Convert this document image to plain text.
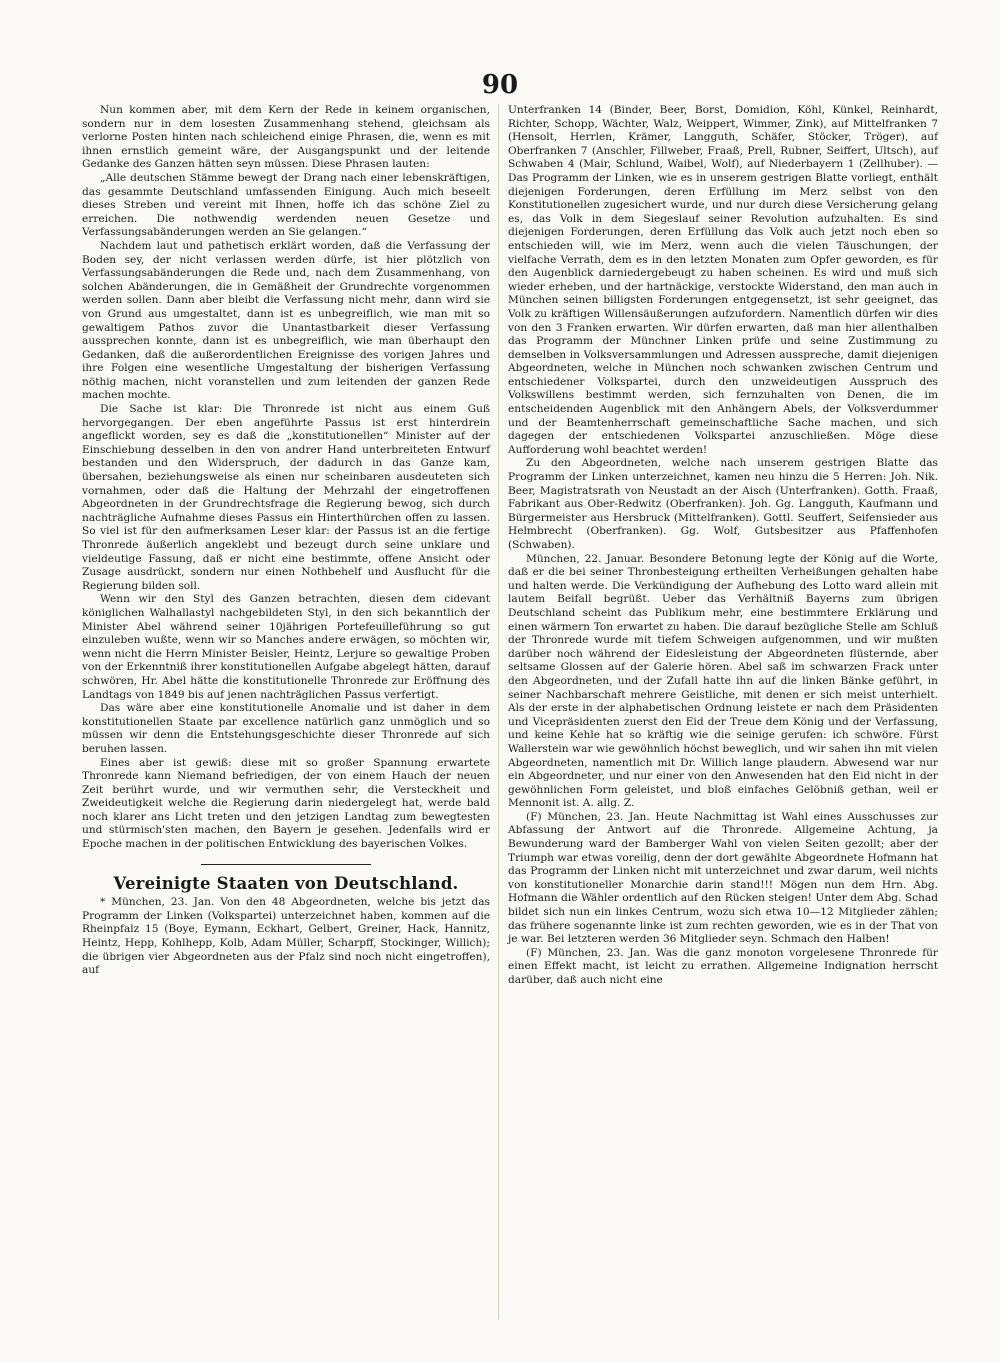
90

Nun kommen aber, mit dem Kern der Rede in keinem organischen, sondern nur in dem losesten Zusammenhang stehend, gleichsam als verlorne Posten hinten nach schleichend einige Phrasen, die, wenn es mit ihnen ernstlich gemeint wäre, der Ausgangspunkt und der leitende Gedanke des Ganzen hätten seyn müssen. Diese Phrasen lauten:

„Alle deutschen Stämme bewegt der Drang nach einer lebenskräftigen, das gesammte Deutschland umfassenden Einigung. Auch mich beseelt dieses Streben und vereint mit Ihnen, hoffe ich das schöne Ziel zu erreichen. Die nothwendig werdenden neuen Gesetze und Verfassungsabänderungen werden an Sie gelangen.“

Nachdem laut und pathetisch erklärt worden, daß die Verfassung der Boden sey, der nicht verlassen werden dürfe, ist hier plötzlich von Verfassungsabänderungen die Rede und, nach dem Zusammenhang, von solchen Abänderungen, die in Gemäßheit der Grundrechte vorgenommen werden sollen. Dann aber bleibt die Verfassung nicht mehr, dann wird sie von Grund aus umgestaltet, dann ist es unbegreiflich, wie man mit so gewaltigem Pathos zuvor die Unantastbarkeit dieser Verfassung aussprechen konnte, dann ist es unbegreiflich, wie man überhaupt den Gedanken, daß die außerordentlichen Ereignisse des vorigen Jahres und ihre Folgen eine wesentliche Umgestaltung der bisherigen Verfassung nöthig machen, nicht voranstellen und zum leitenden der ganzen Rede machen mochte.

Die Sache ist klar: Die Thronrede ist nicht aus einem Guß hervorgegangen. Der eben angeführte Passus ist erst hinterdrein angeflickt worden, sey es daß die „konstitutionellen“ Minister auf der Einschiebung desselben in den von andrer Hand unterbreiteten Entwurf bestanden und den Widerspruch, der dadurch in das Ganze kam, übersahen, beziehungsweise als einen nur scheinbaren ausdeuteten sich vornahmen, oder daß die Haltung der Mehrzahl der eingetroffenen Abgeordneten in der Grundrechtsfrage die Regierung bewog, sich durch nachträgliche Aufnahme dieses Passus ein Hinterthürchen offen zu lassen. So viel ist für den aufmerksamen Leser klar: der Passus ist an die fertige Thronrede äußerlich angeklebt und bezeugt durch seine unklare und vieldeutige Fassung, daß er nicht eine bestimmte, offene Ansicht oder Zusage ausdrückt, sondern nur einen Nothbehelf und Ausflucht für die Regierung bilden soll.

Wenn wir den Styl des Ganzen betrachten, diesen dem cidevant königlichen Walhallastyl nachgebildeten Styl, in den sich bekanntlich der Minister Abel während seiner 10jährigen Portefeuilleführung so gut einzuleben wußte, wenn wir so Manches andere erwägen, so möchten wir, wenn nicht die Herrn Minister Beisler, Heintz, Lerjure so gewaltige Proben von der Erkenntniß ihrer konstitutionellen Aufgabe abgelegt hätten, darauf schwören, Hr. Abel hätte die konstitutionelle Thronrede zur Eröffnung des Landtags von 1849 bis auf jenen nachträglichen Passus verfertigt.

Das wäre aber eine konstitutionelle Anomalie und ist daher in dem konstitutionellen Staate par excellence natürlich ganz unmöglich und so müssen wir denn die Entstehungsgeschichte dieser Thronrede auf sich beruhen lassen.

Eines aber ist gewiß: diese mit so großer Spannung erwartete Thronrede kann Niemand befriedigen, der von einem Hauch der neuen Zeit berührt wurde, und wir vermuthen sehr, die Versteckheit und Zweideutigkeit welche die Regierung darin niedergelegt hat, werde bald noch klarer ans Licht treten und den jetzigen Landtag zum bewegtesten und stürmisch'sten machen, den Bayern je gesehen. Jedenfalls wird er Epoche machen in der politischen Entwicklung des bayerischen Volkes.

Vereinigte Staaten von Deutschland.

* München, 23. Jan. Von den 48 Abgeordneten, welche bis jetzt das Programm der Linken (Volkspartei) unterzeichnet haben, kommen auf die Rheinpfalz 15 (Boye, Eymann, Eckhart, Gelbert, Greiner, Hack, Hannitz, Heintz, Hepp, Kohlhepp, Kolb, Adam Müller, Scharpff, Stockinger, Willich); die übrigen vier Abgeordneten aus der Pfalz sind noch nicht eingetroffen), auf

Unterfranken 14 (Binder, Beer, Borst, Domidion, Köhl, Künkel, Reinhardt, Richter, Schopp, Wächter, Walz, Weippert, Wimmer, Zink), auf Mittelfranken 7 (Hensolt, Herrlen, Krämer, Langguth, Schäfer, Stöcker, Tröger), auf Oberfranken 7 (Anschler, Fillweber, Fraaß, Prell, Rubner, Seiffert, Ultsch), auf Schwaben 4 (Mair, Schlund, Waibel, Wolf), auf Niederbayern 1 (Zellhuber). — Das Programm der Linken, wie es in unserem gestrigen Blatte vorliegt, enthält diejenigen Forderungen, deren Erfüllung im Merz selbst von den Konstitutionellen zugesichert wurde, und nur durch diese Versicherung gelang es, das Volk in dem Siegeslauf seiner Revolution aufzuhalten. Es sind diejenigen Forderungen, deren Erfüllung das Volk auch jetzt noch eben so entschieden will, wie im Merz, wenn auch die vielen Täuschungen, der vielfache Verrath, dem es in den letzten Monaten zum Opfer geworden, es für den Augenblick darniedergebeugt zu haben scheinen. Es wird und muß sich wieder erheben, und der hartnäckige, verstockte Widerstand, den man auch in München seinen billigsten Forderungen entgegensetzt, ist sehr geeignet, das Volk zu kräftigen Willensäußerungen aufzufordern. Namentlich dürfen wir dies von den 3 Franken erwarten. Wir dürfen erwarten, daß man hier allenthalben das Programm der Münchner Linken prüfe und seine Zustimmung zu demselben in Volksversammlungen und Adressen ausspreche, damit diejenigen Abgeordneten, welche in München noch schwanken zwischen Centrum und entschiedener Volkspartei, durch den unzweideutigen Ausspruch des Volkswillens bestimmt werden, sich fernzuhalten von Denen, die im entscheidenden Augenblick mit den Anhängern Abels, der Volksverdummer und der Beamtenherrschaft gemeinschaftliche Sache machen, und sich dagegen der entschiedenen Volkspartei anzuschließen. Möge diese Aufforderung wohl beachtet werden!

Zu den Abgeordneten, welche nach unserem gestrigen Blatte das Programm der Linken unterzeichnet, kamen neu hinzu die 5 Herren: Joh. Nik. Beer, Magistratsrath von Neustadt an der Aisch (Unterfranken). Gotth. Fraaß, Fabrikant aus Ober-Redwitz (Oberfranken). Joh. Gg. Langguth, Kaufmann und Bürgermeister aus Hersbruck (Mittelfranken). Gottl. Seuffert, Seifensieder aus Helmbrecht (Oberfranken). Gg. Wolf, Gutsbesitzer aus Pfaffenhofen (Schwaben).

München, 22. Januar. Besondere Betonung legte der König auf die Worte, daß er die bei seiner Thronbesteigung ertheilten Verheißungen gehalten habe und halten werde. Die Verkündigung der Aufhebung des Lotto ward allein mit lautem Beifall begrüßt. Ueber das Verhältniß Bayerns zum übrigen Deutschland scheint das Publikum mehr, eine bestimmtere Erklärung und einen wärmern Ton erwartet zu haben. Die darauf bezügliche Stelle am Schluß der Thronrede wurde mit tiefem Schweigen aufgenommen, und wir mußten darüber noch während der Eidesleistung der Abgeordneten flüsternde, aber seltsame Glossen auf der Galerie hören. Abel saß im schwarzen Frack unter den Abgeordneten, und der Zufall hatte ihn auf die linken Bänke geführt, in seiner Nachbarschaft mehrere Geistliche, mit denen er sich meist unterhielt. Als der erste in der alphabetischen Ordnung leistete er nach dem Präsidenten und Vicepräsidenten zuerst den Eid der Treue dem König und der Verfassung, und keine Kehle hat so kräftig wie die seinige gerufen: ich schwöre. Fürst Wallerstein war wie gewöhnlich höchst beweglich, und wir sahen ihn mit vielen Abgeordneten, namentlich mit Dr. Willich lange plaudern. Abwesend war nur ein Abgeordneter, und nur einer von den Anwesenden hat den Eid nicht in der gewöhnlichen Form geleistet, und bloß einfaches Gelöbniß gethan, weil er Mennonit ist. A. allg. Z.

(F) München, 23. Jan. Heute Nachmittag ist Wahl eines Ausschusses zur Abfassung der Antwort auf die Thronrede. Allgemeine Achtung, ja Bewunderung ward der Bamberger Wahl von vielen Seiten gezollt; aber der Triumph war etwas voreilig, denn der dort gewählte Abgeordnete Hofmann hat das Programm der Linken nicht mit unterzeichnet und zwar darum, weil nichts von konstitutioneller Monarchie darin stand!!! Mögen nun dem Hrn. Abg. Hofmann die Wähler ordentlich auf den Rücken steigen! Unter dem Abg. Schad bildet sich nun ein linkes Centrum, wozu sich etwa 10—12 Mitglieder zählen; das frühere sogenannte linke ist zum rechten geworden, wie es in der That von je war. Bei letzteren werden 36 Mitglieder seyn. Schmach den Halben!

(F) München, 23. Jan. Was die ganz monoton vorgelesene Thronrede für einen Effekt macht, ist leicht zu errathen. Allgemeine Indignation herrscht darüber, daß auch nicht eine
